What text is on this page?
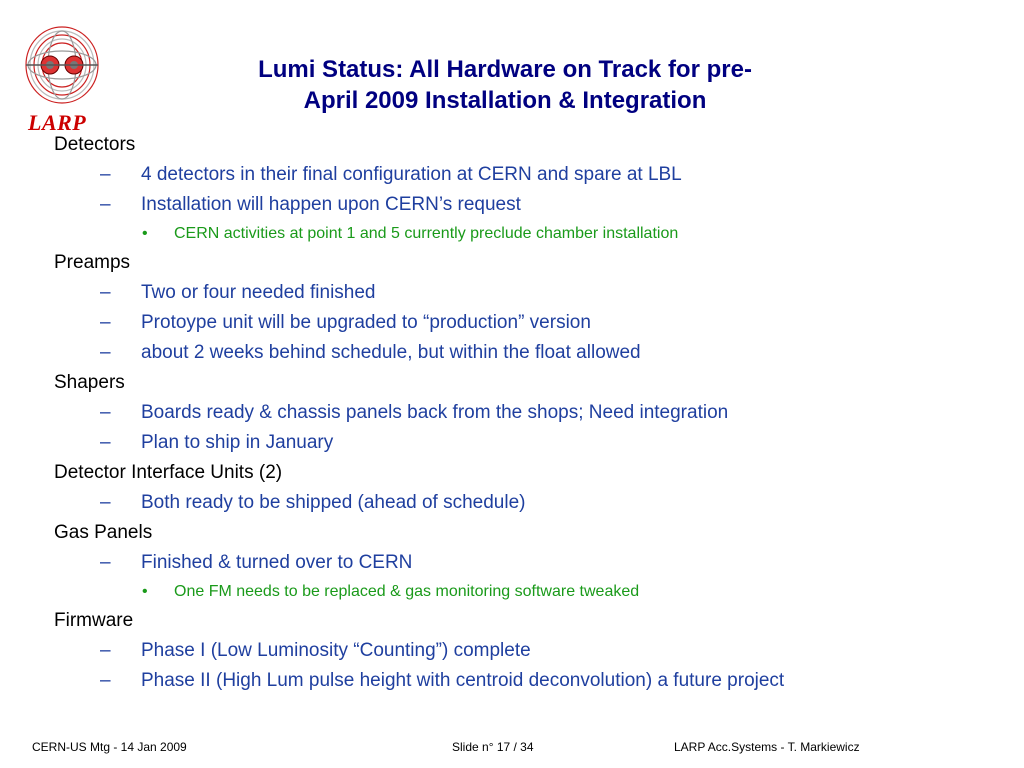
LARP
Lumi Status: All Hardware on Track for pre-
April 2009 Installation & Integration
Detectors
– 4 detectors in their final configuration at CERN and spare at LBL
– Installation will happen upon CERN’s request
• CERN activities at point 1 and 5 currently preclude chamber installation
Preamps
– Two or four needed finished
– Protoype unit will be upgraded to “production” version
– about 2 weeks behind schedule, but within the float allowed
Shapers
– Boards ready & chassis panels back from the shops; Need integration
– Plan to ship in January
Detector Interface Units (2)
– Both ready to be shipped (ahead of schedule)
Gas Panels
– Finished & turned over to CERN
• One FM needs to be replaced & gas monitoring software tweaked
Firmware
– Phase I (Low Luminosity “Counting”) complete
– Phase II (High Lum pulse height with centroid deconvolution) a future project
CERN-US Mtg - 14 Jan 2009	Slide n° 17 / 34	LARP Acc.Systems - T. Markiewicz
